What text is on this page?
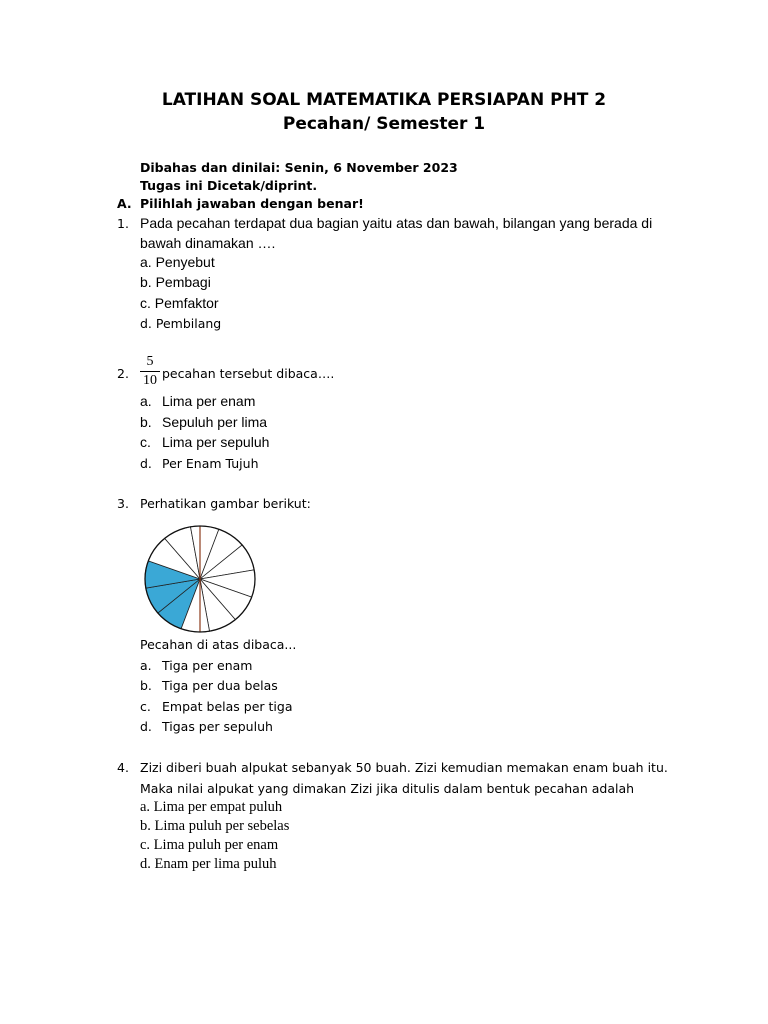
LATIHAN SOAL MATEMATIKA PERSIAPAN PHT 2
Pecahan/ Semester 1
Dibahas dan dinilai: Senin, 6 November 2023
Tugas ini Dicetak/diprint.
A. Pilihlah jawaban dengan benar!
1. Pada pecahan terdapat dua bagian yaitu atas dan bawah, bilangan yang berada di
bawah dinamakan ….
a. Penyebut
b. Pembagi
c. Pemfaktor
d. Pembilang
2.
5
10 pecahan tersebut dibaca….
a. Lima per enam
b. Sepuluh per lima
c. Lima per sepuluh
d. Per Enam Tujuh
3. Perhatikan gambar berikut:
Pecahan di atas dibaca...
a. Tiga per enam
b. Tiga per dua belas
c. Empat belas per tiga
d. Tigas per sepuluh
4. Zizi diberi buah alpukat sebanyak 50 buah. Zizi kemudian memakan enam buah itu.
Maka nilai alpukat yang dimakan Zizi jika ditulis dalam bentuk pecahan adalah
a. Lima per empat puluh
b. Lima puluh per sebelas
c. Lima puluh per enam
d. Enam per lima puluh
